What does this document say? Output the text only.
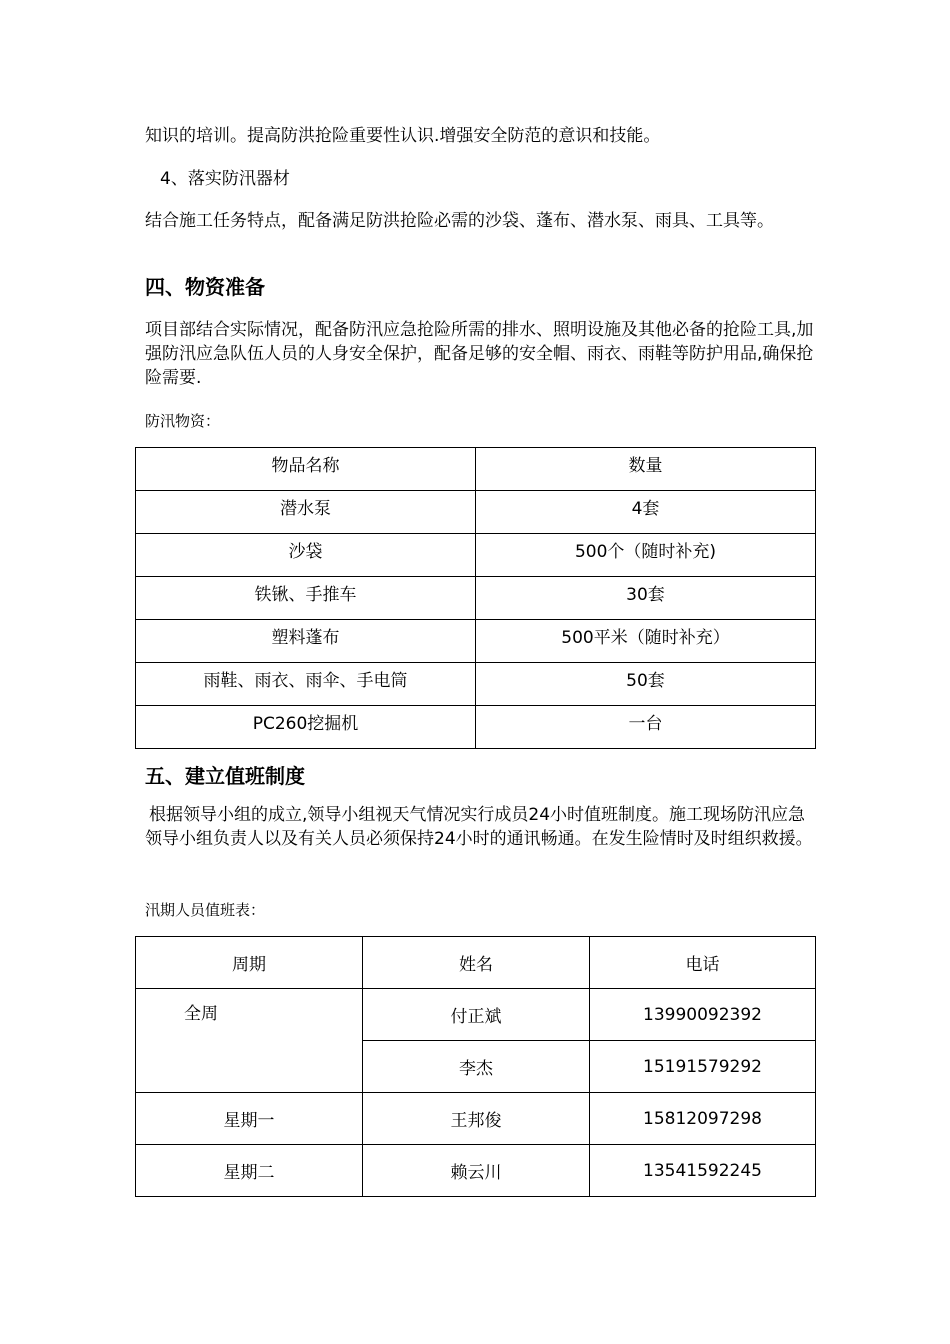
知识的培训。提高防洪抢险重要性认识.增强安全防范的意识和技能。
4、落实防汛器材
结合施工任务特点，配备满足防洪抢险必需的沙袋、蓬布、潜水泵、雨具、工具等。
四、物资准备
项目部结合实际情况，配备防汛应急抢险所需的排水、照明设施及其他必备的抢险工具,加强防汛应急队伍人员的人身安全保护，配备足够的安全帽、雨衣、雨鞋等防护用品,确保抢险需要.
防汛物资：
物品名称	数量
潜水泵	4套
沙袋	500个（随时补充)
铁锹、手推车	30套
塑料蓬布	500平米（随时补充）
雨鞋、雨衣、雨伞、手电筒	50套
PC260挖掘机	一台
五、建立值班制度
根据领导小组的成立,领导小组视天气情况实行成员24小时值班制度。施工现场防汛应急领导小组负责人以及有关人员必须保持24小时的通讯畅通。在发生险情时及时组织救援。
汛期人员值班表：
周期	姓名	电话
全周	付正斌	13990092392
	李杰	15191579292
星期一	王邦俊	15812097298
星期二	赖云川	13541592245
